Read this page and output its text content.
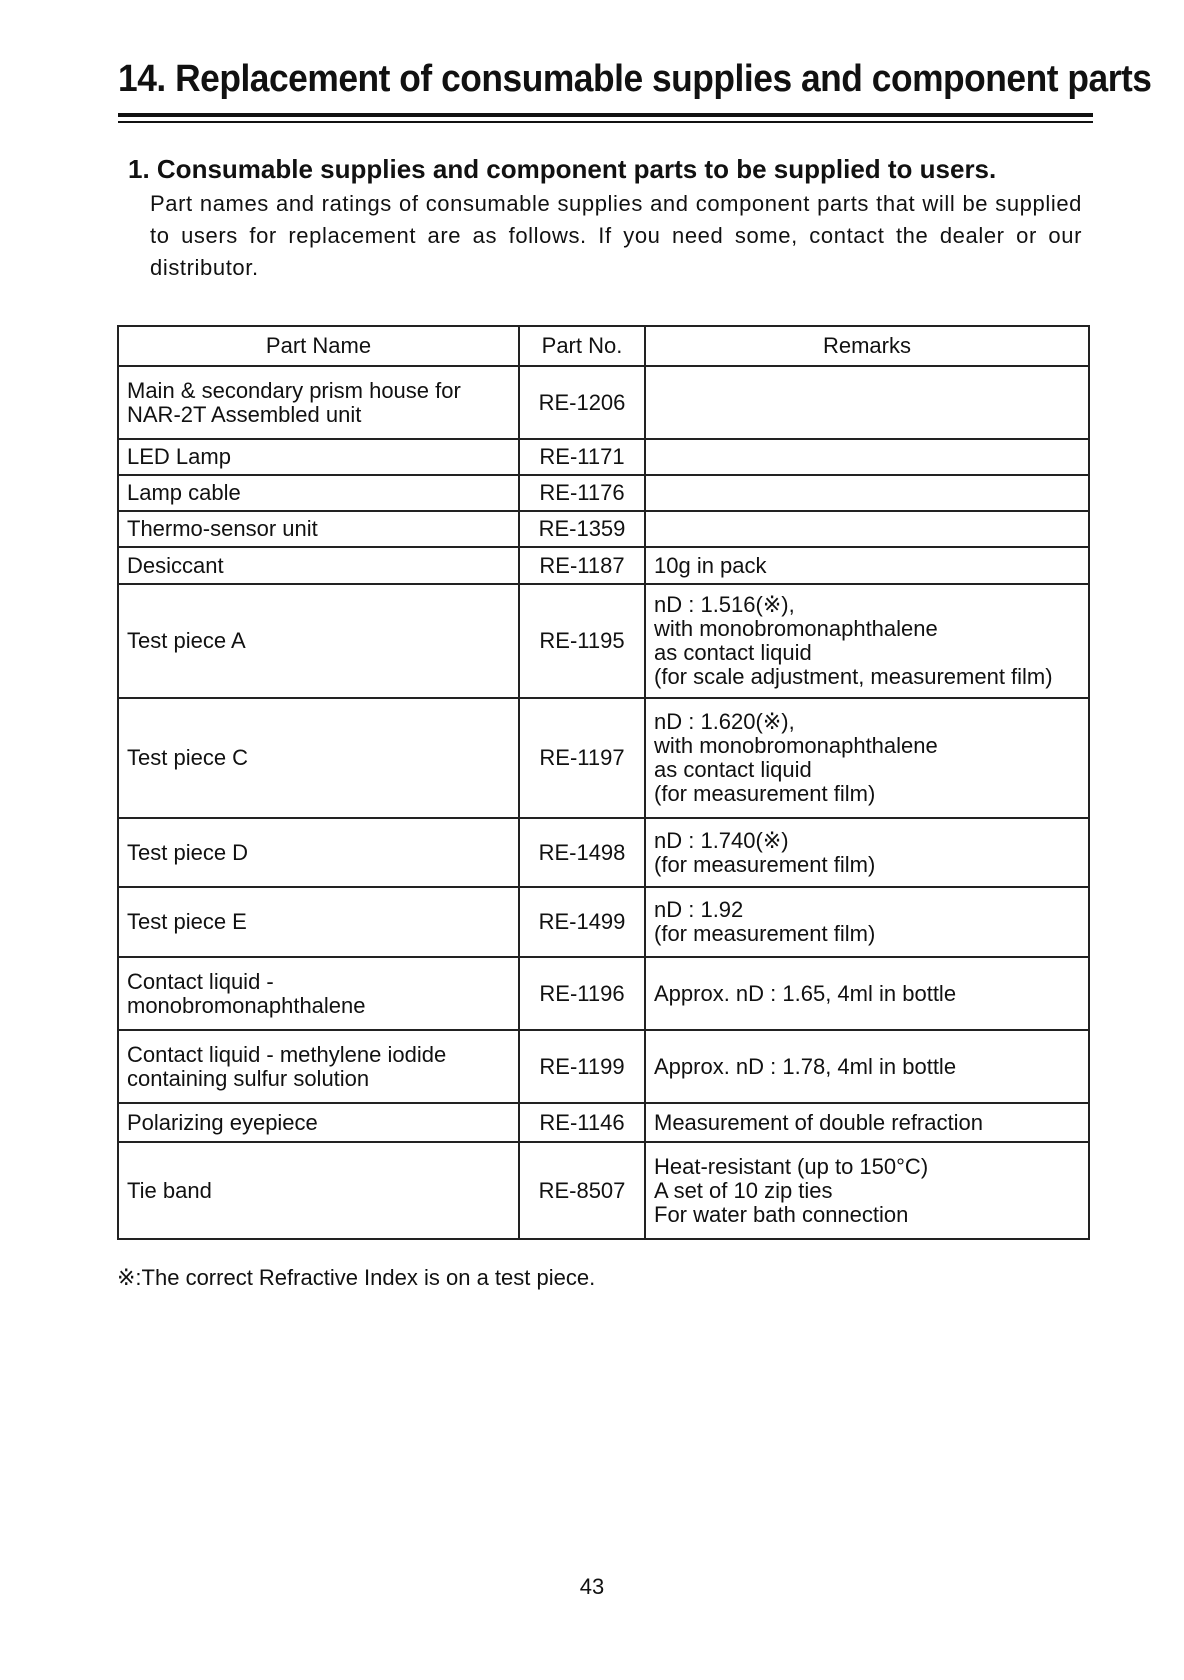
14. Replacement of consumable supplies and component parts
1. Consumable supplies and component parts to be supplied to users.

Part names and ratings of consumable supplies and component parts that will be supplied to users for replacement are as follows. If you need some, contact the dealer or our distributor.

Part Name	Part No.	Remarks

Main & secondary prism house for
NAR-2T Assembled unit	RE-1206	

LED Lamp	RE-1171	

Lamp cable	RE-1176	

Thermo-sensor unit	RE-1359	

Desiccant	RE-1187	10g in pack

Test piece A	RE-1195	nD : 1.516(※),
with monobromonaphthalene
as contact liquid
(for scale adjustment, measurement film)

Test piece C	RE-1197	nD : 1.620(※),
with monobromonaphthalene
as contact liquid
(for measurement film)

Test piece D	RE-1498	nD : 1.740(※)
(for measurement film)

Test piece E	RE-1499	nD : 1.92
(for measurement film)

Contact liquid -
monobromonaphthalene	RE-1196	Approx. nD : 1.65, 4ml in bottle

Contact liquid - methylene iodide
containing sulfur solution	RE-1199	Approx. nD : 1.78, 4ml in bottle

Polarizing eyepiece	RE-1146	Measurement of double refraction

Tie band	RE-8507	Heat-resistant (up to 150°C)
A set of 10 zip ties
For water bath connection

※:The correct Refractive Index is on a test piece.

43
